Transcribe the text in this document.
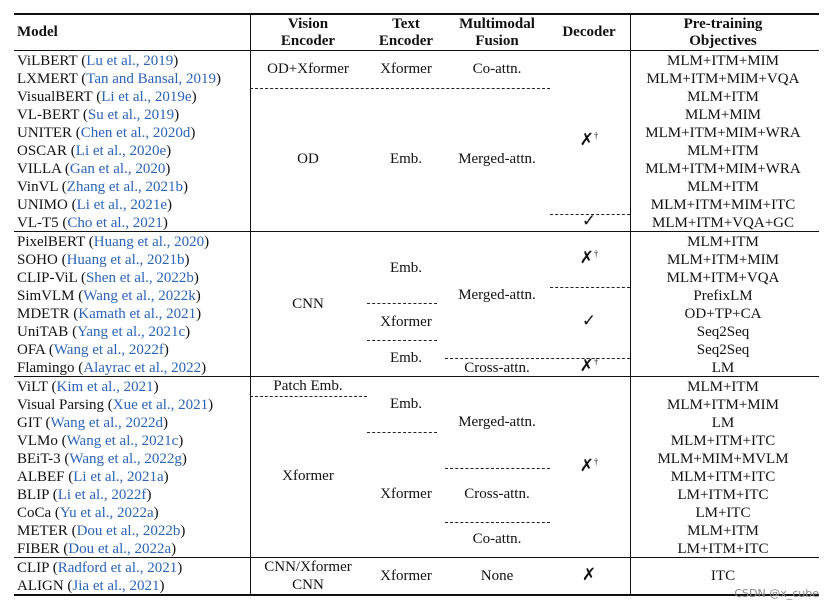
Model	Vision
Encoder
Text
Encoder
Multimodal
Fusion
Decoder	Pre-training
Objectives
ViLBERT (Lu et al., 2019)
LXMERT (Tan and Bansal, 2019)
VisualBERT (Li et al., 2019e)
VL-BERT (Su et al., 2019)
UNITER (Chen et al., 2020d)
OSCAR (Li et al., 2020e)
VILLA (Gan et al., 2020)
VinVL (Zhang et al., 2021b)
UNIMO (Li et al., 2021e)
VL-T5 (Cho et al., 2021)
PixelBERT (Huang et al., 2020)
SOHO (Huang et al., 2021b)
CLIP-ViL (Shen et al., 2022b)
SimVLM (Wang et al., 2022k)
MDETR (Kamath et al., 2021)
UniTAB (Yang et al., 2021c)
OFA (Wang et al., 2022f)
Flamingo (Alayrac et al., 2022)
ViLT (Kim et al., 2021)
Visual Parsing (Xue et al., 2021)
GIT (Wang et al., 2022d)
VLMo (Wang et al., 2021c)
BEiT-3 (Wang et al., 2022g)
ALBEF (Li et al., 2021a)
BLIP (Li et al., 2022f)
CoCa (Yu et al., 2022a)
METER (Dou et al., 2022b)
FIBER (Dou et al., 2022a)
CLIP (Radford et al., 2021)
ALIGN (Jia et al., 2021)
OD+Xformer
OD
CNN
Patch Emb.
Xformer
CNN/Xformer
CNN
Xformer
Emb.
Emb.
Xformer
Emb.
Emb.
Xformer
Xformer
Co-attn.
Merged-attn.
Merged-attn.
Cross-attn.
Merged-attn.
Cross-attn.
Co-attn.
None
✗†
✓
✗†
✓
✗†
✗†
✗
MLM+ITM+MIM
MLM+ITM+MIM+VQA
MLM+ITM
MLM+MIM
MLM+ITM+MIM+WRA
MLM+ITM
MLM+ITM+MIM+WRA
MLM+ITM
MLM+ITM+MIM+ITC
MLM+ITM+VQA+GC
MLM+ITM
MLM+ITM+MIM
MLM+ITM+VQA
PrefixLM
OD+TP+CA
Seq2Seq
Seq2Seq
LM
MLM+ITM
MLM+ITM+MIM
LM
MLM+ITM+ITC
MLM+MIM+MVLM
MLM+ITM+ITC
LM+ITM+ITC
LM+ITC
MLM+ITM
LM+ITM+ITC
ITC
CSDN @x_cube
